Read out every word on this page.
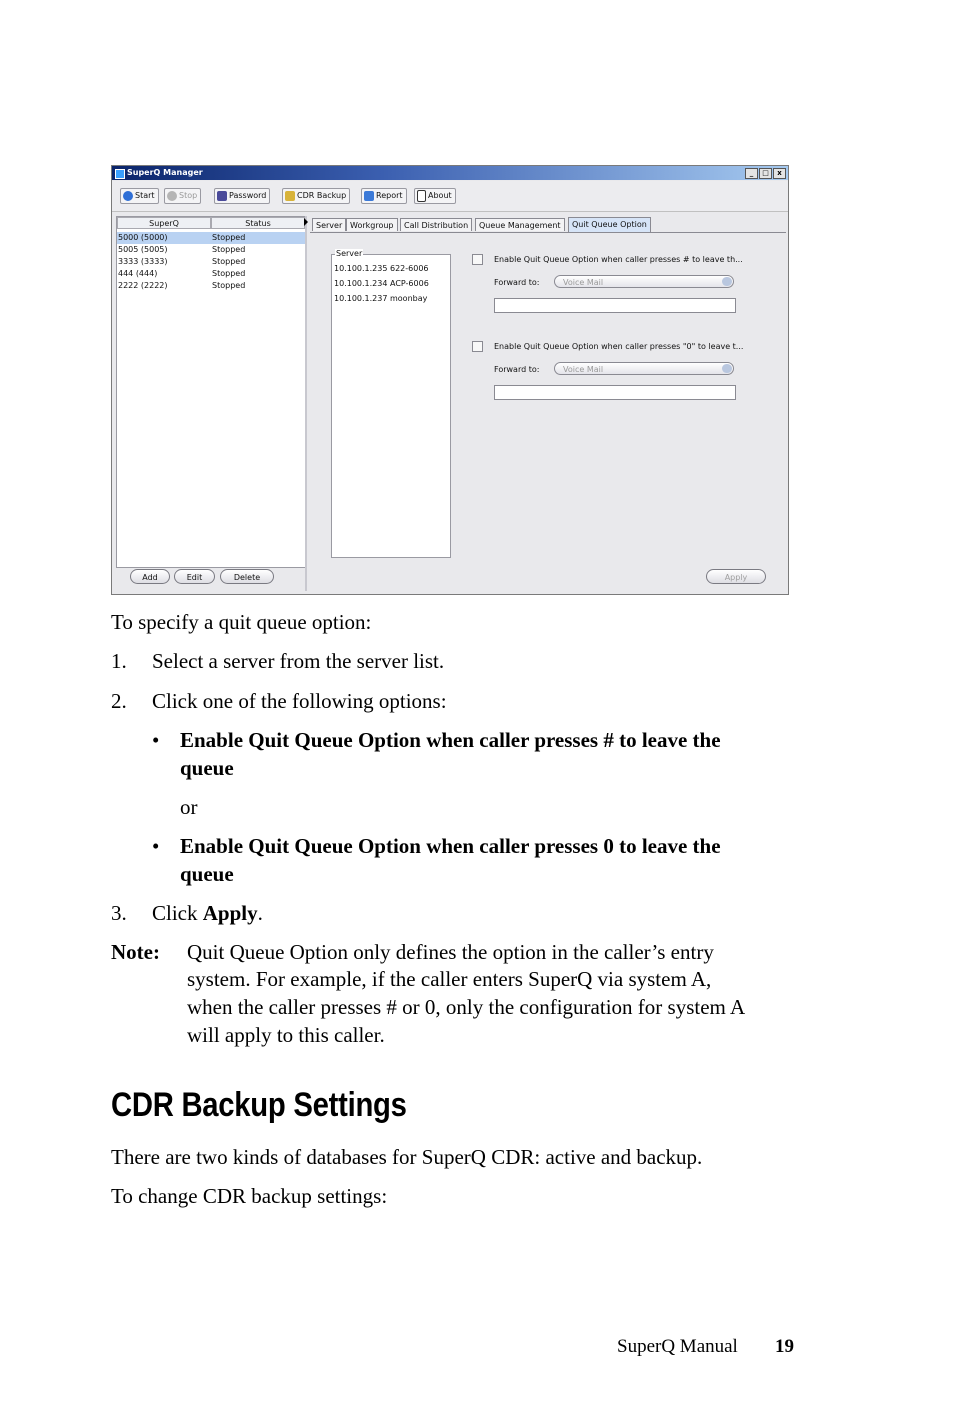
SuperQ Manager	_	□	x
Start	Stop	Password	CDR Backup	Report	About
SuperQ	Status
5000 (5000)	Stopped
5005 (5005)	Stopped
3333 (3333)	Stopped
444 (444)	Stopped
2222 (2222)	Stopped
Add	Edit	Delete
Server Workgroup	Call Distribution	Queue Management	Quit Queue Option
Server
10.100.1.235 622-6006
10.100.1.234 ACP-6006
10.100.1.237 moonbay
Enable Quit Queue Option when caller presses # to leave th...
Forward to:	Voice Mail
Enable Quit Queue Option when caller presses "0" to leave t...
Forward to:	Voice Mail
Apply
To specify a quit queue option:
1. Select a server from the server list.
2. Click one of the following options:
• Enable Quit Queue Option when caller presses # to leave the
queue
or
• Enable Quit Queue Option when caller presses 0 to leave the
queue
3. Click Apply.
Note: Quit Queue Option only defines the option in the caller’s entry
system. For example, if the caller enters SuperQ via system A,
when the caller presses # or 0, only the configuration for system A
will apply to this caller.
CDR Backup Settings
There are two kinds of databases for SuperQ CDR: active and backup.
To change CDR backup settings:
SuperQ Manual 19
